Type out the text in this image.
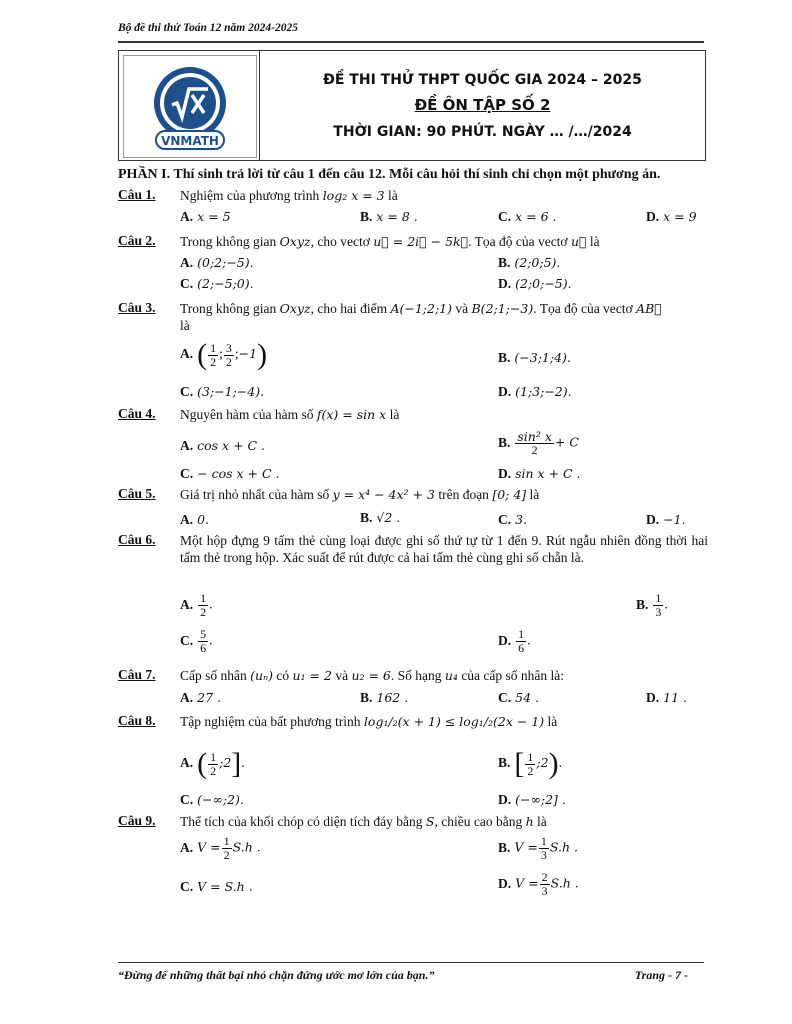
Bộ đề thi thử Toán 12 năm 2024-2025
VNMATH
ĐỀ THI THỬ THPT QUỐC GIA 2024 – 2025
ĐỀ ÔN TẬP SỐ 2
THỜI GIAN: 90 PHÚT. NGÀY … /…/2024
PHẦN I. Thí sinh trả lời từ câu 1 đến câu 12. Mỗi câu hỏi thí sinh chỉ chọn một phương án.
Câu 1. Nghiệm của phương trình log₂ x = 3 là
A. x = 5	B. x = 8 .	C. x = 6 .	D. x = 9
Câu 2. Trong không gian Oxyz, cho vectơ u⃗ = 2i⃗ − 5k⃗. Tọa độ của vectơ u⃗ là
A. (0;2;−5).	B. (2;0;5).
C. (2;−5;0).	D. (2;0;−5).
Câu 3. Trong không gian Oxyz, cho hai điểm A(−1;2;1) và B(2;1;−3). Tọa độ của vectơ AB⃗
là
A. ( $\frac{1}{2}$ ; $\frac{3}{2}$ ;−1)	B. (−3;1;4).
C. (3;−1;−4).	D. (1;3;−2).
Câu 4. Nguyên hàm của hàm số f(x) = sin x là
A. cos x + C .	B. $\frac{\text{sin² x}}{2} + C$
C. − cos x + C .	D. sin x + C .
Câu 5. Giá trị nhỏ nhất của hàm số y = x⁴ − 4x² + 3 trên đoạn [0; 4] là
A. 0.	B. √2 .	C. 3.	D. −1.
Câu 6. Một hộp đựng 9 tấm thẻ cùng loại được ghi số thứ tự từ 1 đến 9. Rút ngẫu nhiên đồng thời hai tấm thẻ trong hộp. Xác suất để rút được cả hai tấm thẻ cùng ghi số chẵn là.
A. $\frac{1}{2}$ .	B. $\frac{1}{3}$ .
C. $\frac{5}{6}$ .	D. $\frac{1}{6}$ .
Câu 7. Cấp số nhân (uₙ) có u₁ = 2 và u₂ = 6. Số hạng u₄ của cấp số nhân là:
A. 27 .	B. 162 .	C. 54 .	D. 11 .
Câu 8. Tập nghiệm của bất phương trình log₁/₂(x + 1) ≤ log₁/₂(2x − 1) là
A. ( $\frac{1}{2}$ ;2].	B. [ $\frac{1}{2}$ ;2).
C. (−∞;2).	D. (−∞;2] .
Câu 9. Thể tích của khối chóp có diện tích đáy bằng S, chiều cao bằng h là
A. $V = \frac{1}{2} S.h$ .	B. $V = \frac{1}{3} S.h$ .
C. V = S.h .	D. $V = \frac{2}{3} S.h$ .
“Đừng để những thất bại nhỏ chặn đứng ước mơ lớn của bạn.”	Trang - 7 -
